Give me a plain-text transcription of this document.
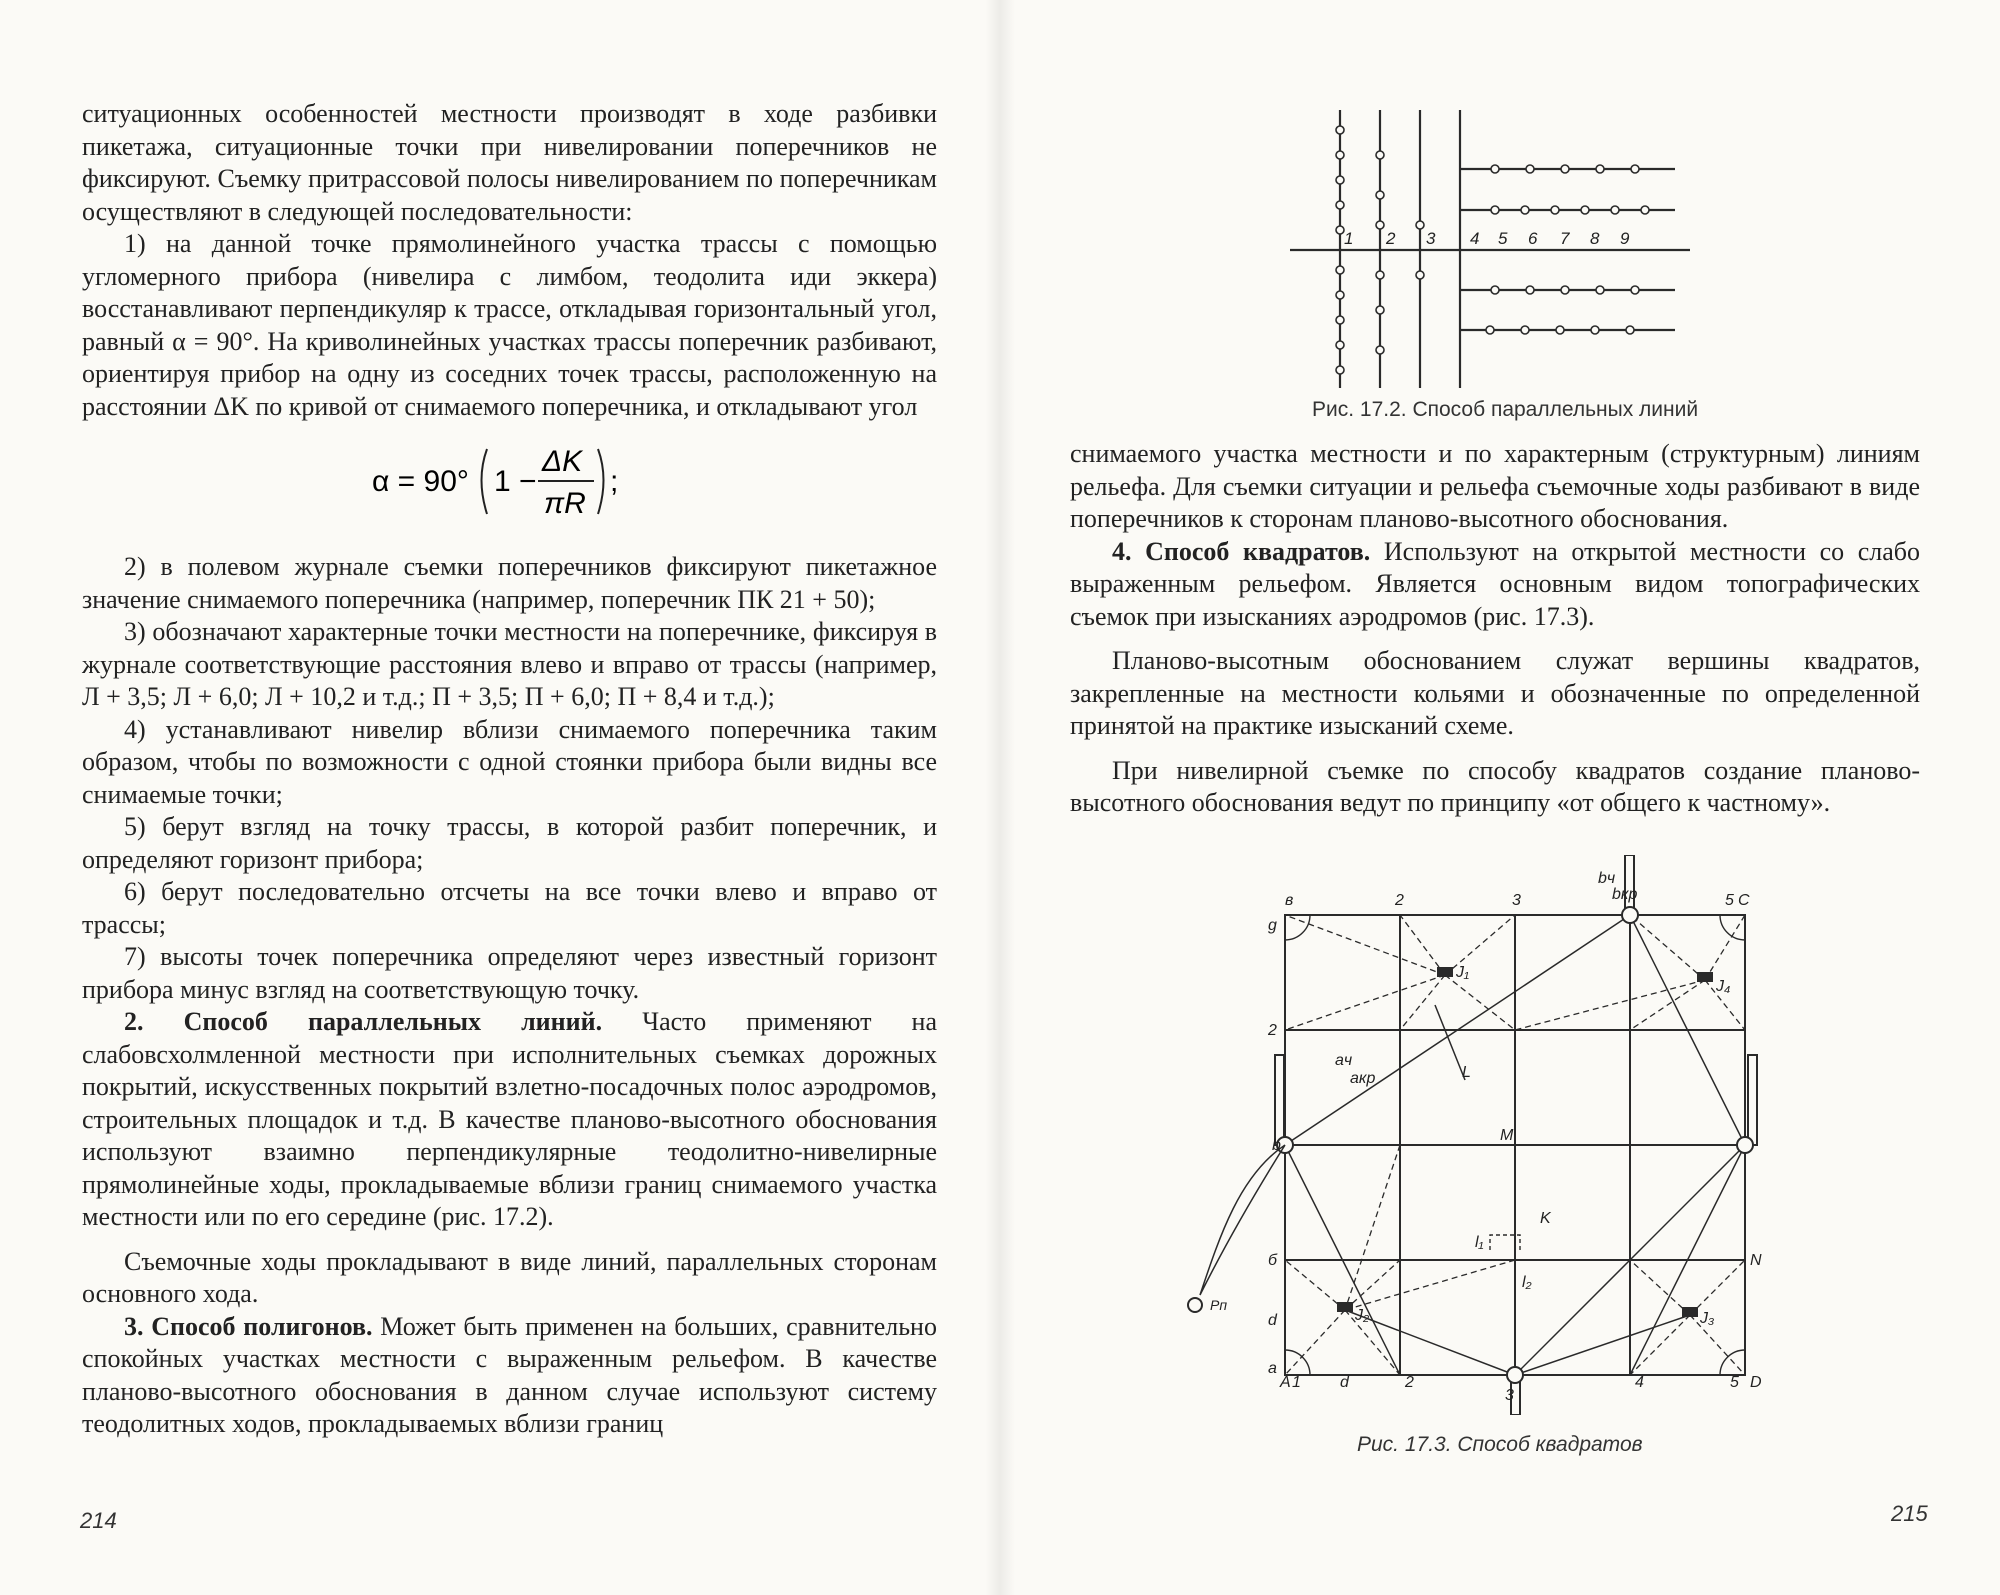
ситуационных особенностей местности производят в ходе разбивки пикетажа, ситуационные точки при нивелировании поперечников не фиксируют. Съемку притрассовой полосы нивелированием по поперечникам осуществляют в следующей последовательности:

1) на данной точке прямолинейного участка трассы с помощью угломерного прибора (нивелира с лимбом, теодолита иди эккера) восстанавливают перпендикуляр к трассе, откладывая горизонтальный угол, равный α = 90°. На криволинейных участках трассы поперечник разбивают, ориентируя прибор на одну из соседних точек трассы, расположенную на расстоянии ΔK по кривой от снимаемого поперечника, и откладывают угол

α = 90° 1 −
ΔK
πR
;

2) в полевом журнале съемки поперечников фиксируют пикетажное значение снимаемого поперечника (например, поперечник ПК 21 + 50);

3) обозначают характерные точки местности на поперечнике, фиксируя в журнале соответствующие расстояния влево и вправо от трассы (например, Л + 3,5; Л + 6,0; Л + 10,2 и т.д.; П + 3,5; П + 6,0; П + 8,4 и т.д.);

4) устанавливают нивелир вблизи снимаемого поперечника таким образом, чтобы по возможности с одной стоянки прибора были видны все снимаемые точки;

5) берут взгляд на точку трассы, в которой разбит поперечник, и определяют горизонт прибора;

6) берут последовательно отсчеты на все точки влево и вправо от трассы;

7) высоты точек поперечника определяют через известный горизонт прибора минус взгляд на соответствующую точку.

2. Способ параллельных линий. Часто применяют на слабовсхолмленной местности при исполнительных съемках дорожных покрытий, искусственных покрытий взлетно-посадочных полос аэродромов, строительных площадок и т.д. В качестве планово-высотного обоснования используют взаимно перпендикулярные теодолитно-нивелирные прямолинейные ходы, прокладываемые вблизи границ снимаемого участка местности или по его середине (рис. 17.2).

Съемочные ходы прокладывают в виде линий, параллельных сторонам основного хода.

3. Способ полигонов. Может быть применен на больших, сравнительно спокойных участках местности с выраженным рельефом. В качестве планово-высотного обоснования в данном случае используют систему теодолитных ходов, прокладываемых вблизи границ

214
1 2 3 4 5 6 7 8 9
Рис. 17.2. Способ параллельных линий

снимаемого участка местности и по характерным (структурным) линиям рельефа. Для съемки ситуации и рельефа съемочные ходы разбивают в виде поперечников к сторонам планово-высотного обоснования.

4. Способ квадратов. Используют на открытой местности со слабо выраженным рельефом. Является основным видом топографических съемок при изысканиях аэродромов (рис. 17.3).

Планово-высотным обоснованием служат вершины квадратов, закрепленные на местности кольями и обозначенные по определенной принятой на практике изысканий схеме.

При нивелирной съемке по способу квадратов создание планово-высотного обоснования ведут по принципу «от общего к частному».

A 1 d	2
3
4	5 D
в	2	3	5 C
g
2
b
б
d
a
J₁
J₂	J₃
J₄
L
M
K
N
l₁
l₂
Pп
aч
aкр
bч
bкр
Рис. 17.3. Способ квадратов
215
